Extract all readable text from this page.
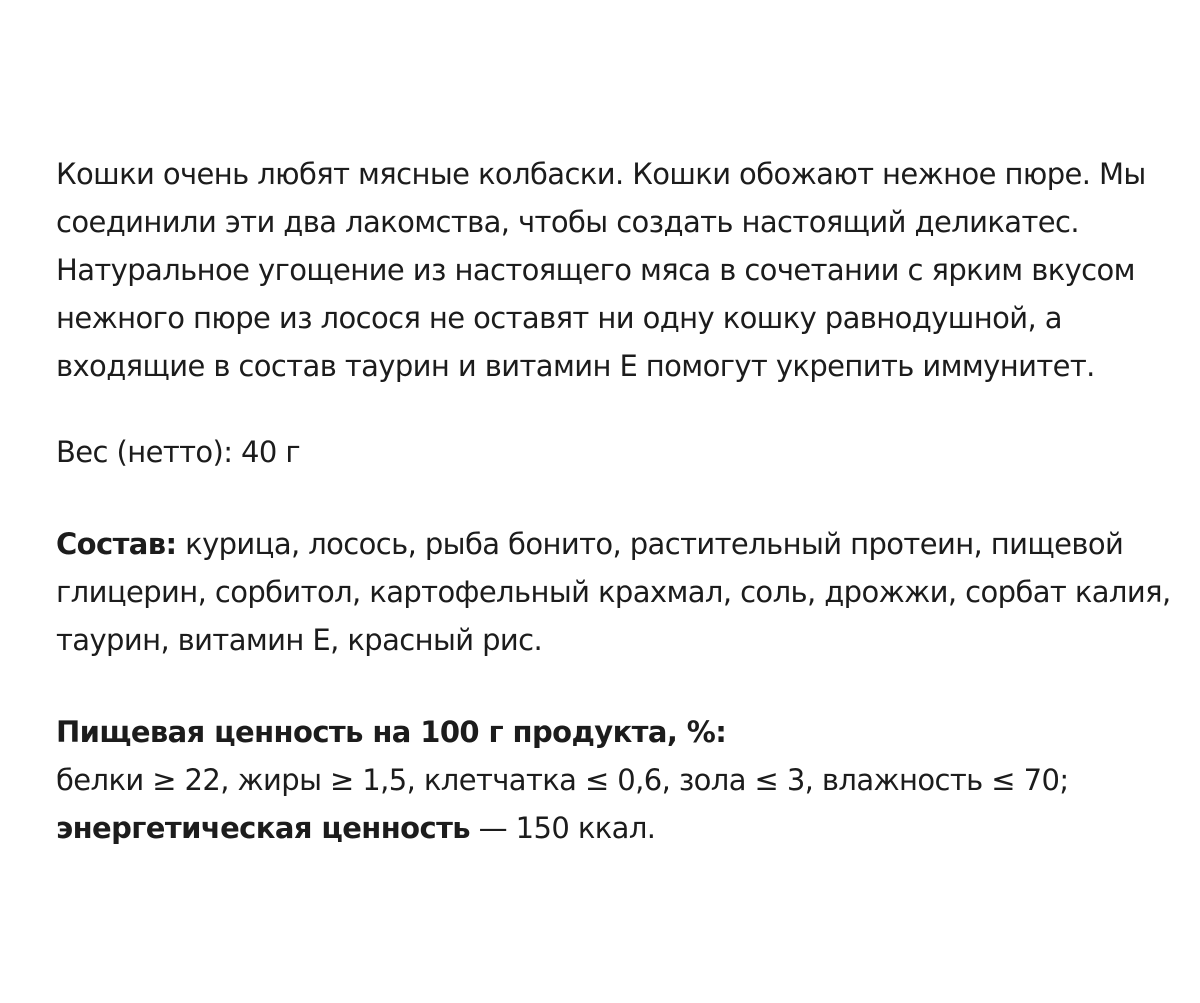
Кошки очень любят мясные колбаски. Кошки обожают нежное пюре. Мы
соединили эти два лакомства, чтобы создать настоящий деликатес.
Натуральное угощение из настоящего мяса в сочетании с ярким вкусом
нежного пюре из лосося не оставят ни одну кошку равнодушной, а
входящие в состав таурин и витамин Е помогут укрепить иммунитет.

Вес (нетто): 40 г

Состав: курица, лосось, рыба бонито, растительный протеин, пищевой
глицерин, сорбитол, картофельный крахмал, соль, дрожжи, сорбат калия,
таурин, витамин Е, красный рис.

Пищевая ценность на 100 г продукта, %:
белки ≥ 22, жиры ≥ 1,5, клетчатка ≤ 0,6, зола ≤ 3, влажность ≤ 70;
энергетическая ценность — 150 ккал.
